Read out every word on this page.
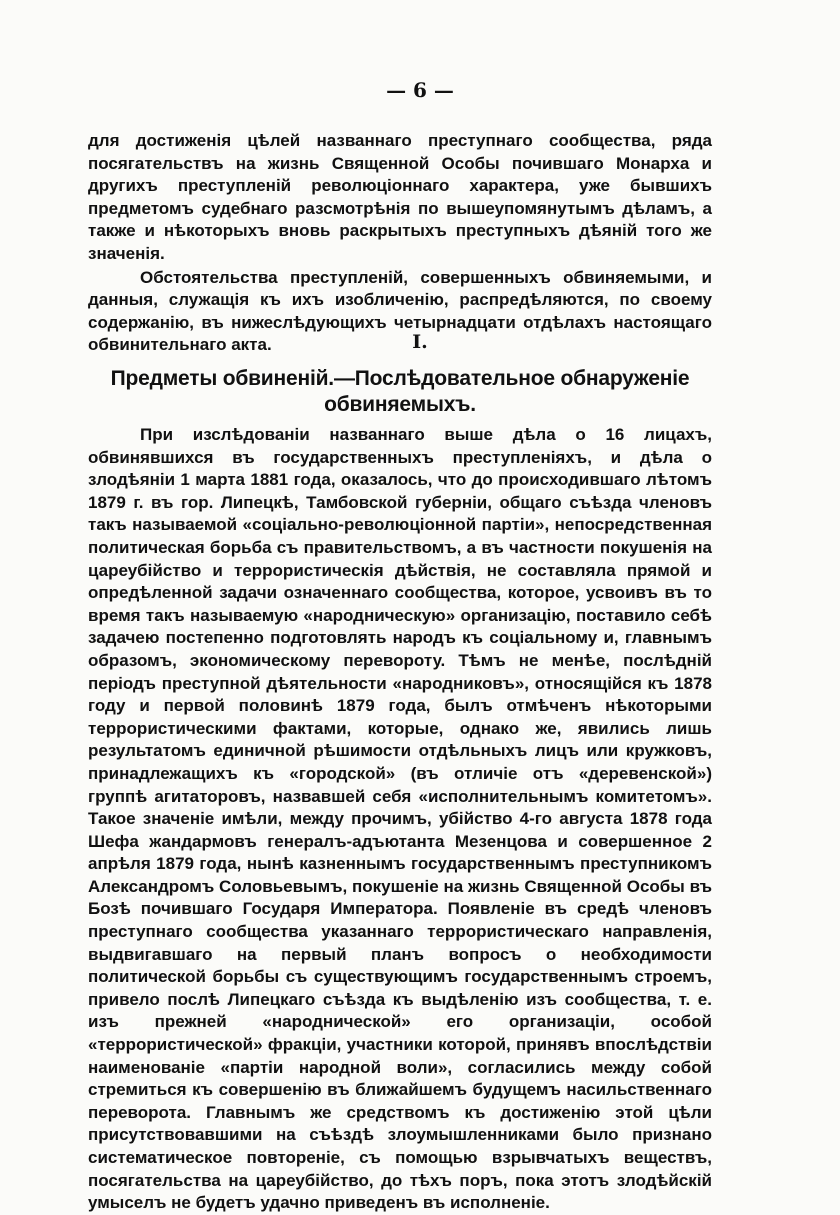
— 6 —

для достиженія цѣлей названнаго преступнаго сообщества, ряда посягательствъ на жизнь Священной Особы почившаго Монарха и другихъ преступленій революціоннаго характера, уже бывшихъ предметомъ судебнаго разсмотрѣнія по вышеупомянутымъ дѣламъ, а также и нѣкоторыхъ вновь раскрытыхъ преступныхъ дѣяній того же значенія.

Обстоятельства преступленій, совершенныхъ обвиняемыми, и данныя, служащія къ ихъ изобличенію, распредѣляются, по своему содержанію, въ нижеслѣдующихъ четырнадцати отдѣлахъ настоящаго обвинительнаго акта.	I.
Предметы обвиненій.—Послѣдовательное обнаруженіе обвиняемыхъ.

При изслѣдованіи названнаго выше дѣла о 16 лицахъ, обвинявшихся въ государственныхъ преступленіяхъ, и дѣла о злодѣяніи 1 марта 1881 года, оказалось, что до происходившаго лѣтомъ 1879 г. въ гор. Липецкѣ, Тамбовской губерніи, общаго съѣзда членовъ такъ называемой «соціально-революціонной партіи», непосредственная политическая борьба съ правительствомъ, а въ частности покушенія на цареубійство и террористическія дѣйствія, не составляла прямой и опредѣленной задачи означеннаго сообщества, которое, усвоивъ въ то время такъ называемую «народническую» организацію, поставило себѣ задачею постепенно подготовлять народъ къ соціальному и, главнымъ образомъ, экономическому перевороту. Тѣмъ не менѣе, послѣдній періодъ преступной дѣятельности «народниковъ», относящійся къ 1878 году и первой половинѣ 1879 года, былъ отмѣченъ нѣкоторыми террористическими фактами, которые, однако же, явились лишь результатомъ единичной рѣшимости отдѣльныхъ лицъ или кружковъ, принадлежащихъ къ «городской» (въ отличіе отъ «деревенской») группѣ агитаторовъ, назвавшей себя «исполнительнымъ комитетомъ». Такое значеніе имѣли, между прочимъ, убійство 4-го августа 1878 года Шефа жандармовъ генералъ-адъютанта Мезенцова и совершенное 2 апрѣля 1879 года, нынѣ казненнымъ государственнымъ преступникомъ Александромъ Соловьевымъ, покушеніе на жизнь Священной Особы въ Бозѣ почившаго Государя Императора. Появленіе въ средѣ членовъ преступнаго сообщества указаннаго террористическаго направленія, выдвигавшаго на первый планъ вопросъ о необходимости политической борьбы съ существующимъ государственнымъ строемъ, привело послѣ Липецкаго съѣзда къ выдѣленію изъ сообщества, т. е. изъ прежней «народнической» его организаціи, особой «террористической» фракціи, участники которой, принявъ впослѣдствіи наименованіе «партіи народной воли», согласились между собой стремиться къ совершенію въ ближайшемъ будущемъ насильственнаго переворота. Главнымъ же средствомъ къ достиженію этой цѣли присутствовавшими на съѣздѣ злоумышленниками было признано систематическое повтореніе, съ помощью взрывчатыхъ веществъ, посягательства на цареубійство, до тѣхъ поръ, пока этотъ злодѣйскій умыселъ не будетъ удачно приведенъ въ исполненіе.
